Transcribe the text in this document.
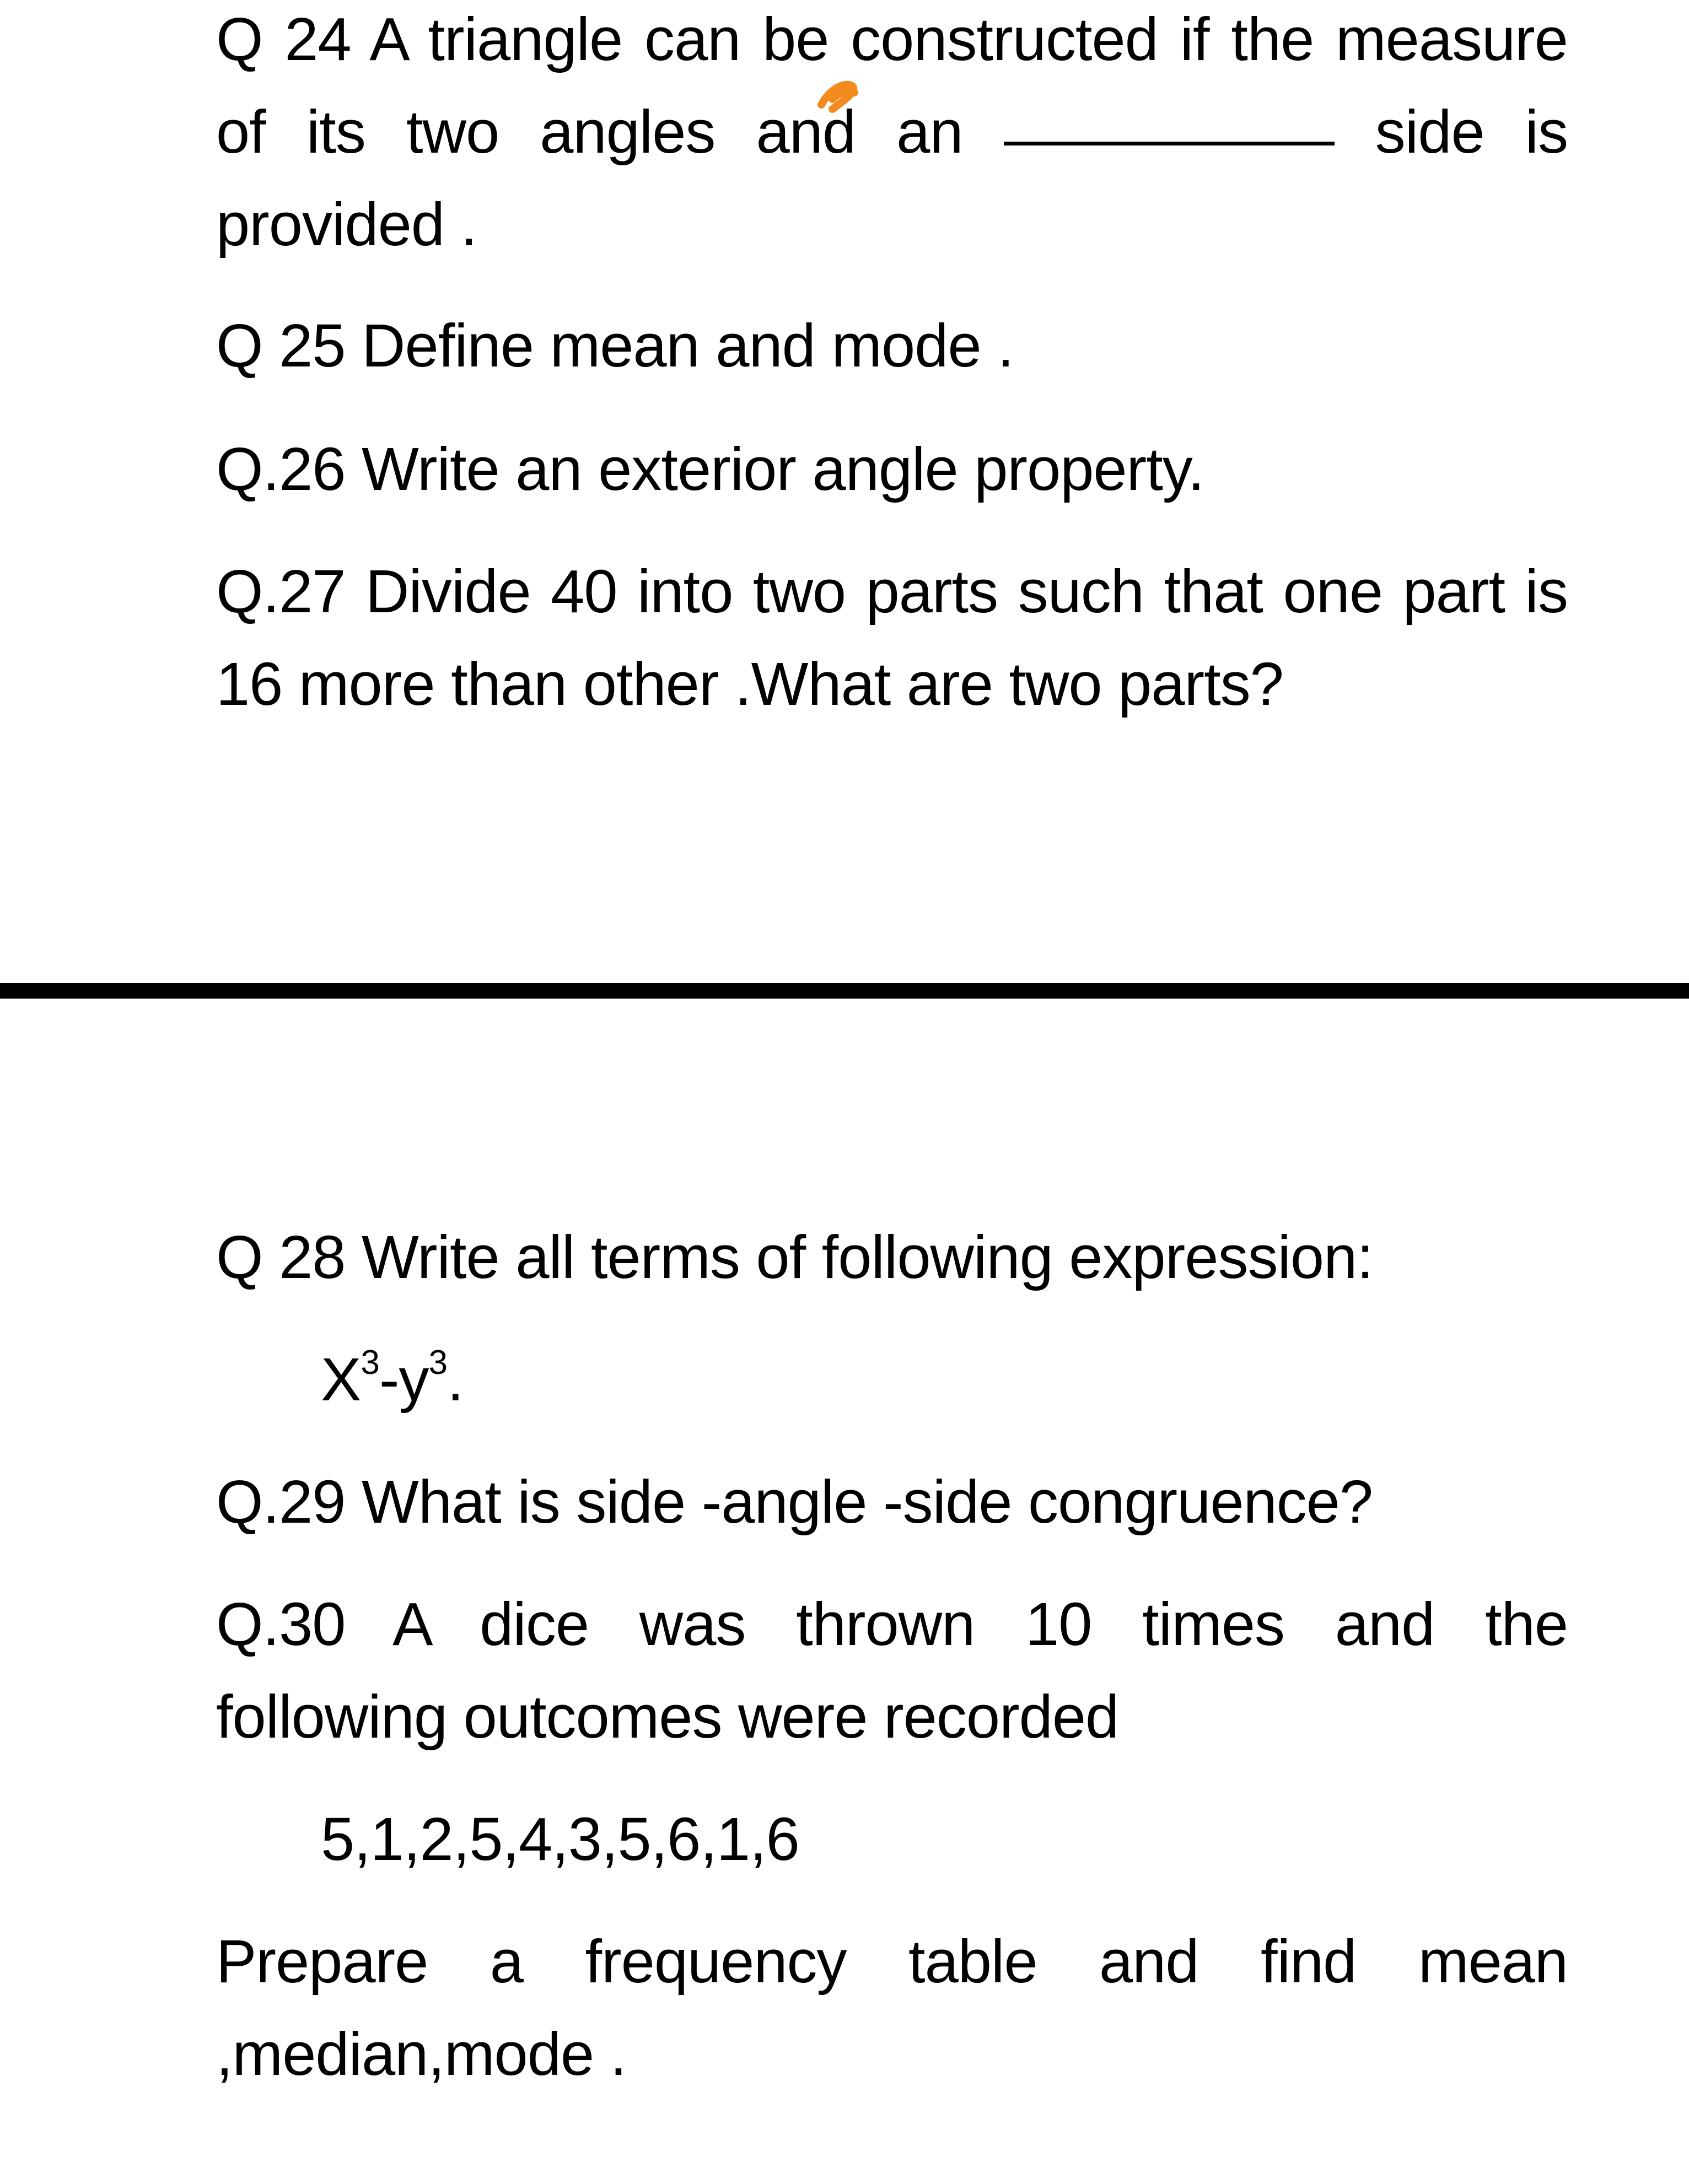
Q 24 A triangle can be constructed if the measure
of its two angles and an	side is
provided .
Q 25 Define mean and mode .
Q.26 Write an exterior angle property.
Q.27 Divide 40 into two parts such that one part is
16 more than other .What are two parts?
Q 28 Write all terms of following expression:
$X^3-y^3$.
Q.29 What is side -angle -side congruence?
Q.30 A dice was thrown 10 times and the
following outcomes were recorded
5,1,2,5,4,3,5,6,1,6
Prepare a frequency table and find mean
,median,mode .
